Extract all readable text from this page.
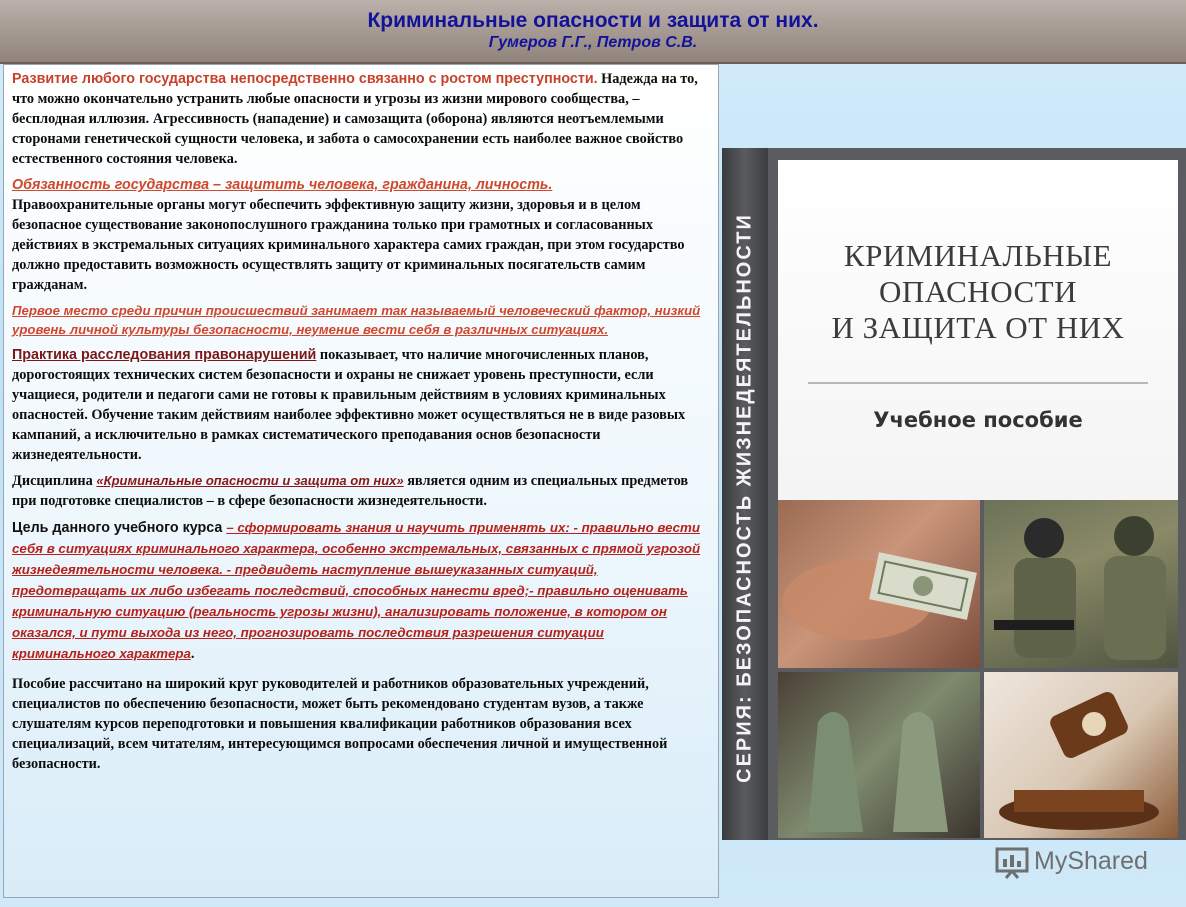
Криминальные опасности и защита от них.
Гумеров Г.Г., Петров С.В.

Развитие любого государства непосредственно связанно с ростом преступности. Надежда на то, что можно окончательно устранить любые опасности и угрозы из жизни мирового сообщества, – бесплодная иллюзия. Агрессивность (нападение) и самозащита (оборона) являются неотъемлемыми сторонами генетической сущности человека, и забота о самосохранении есть наиболее важное свойство естественного состояния человека.

Обязанность государства – защитить человека, гражданина, личность.
Правоохранительные органы могут обеспечить эффективную защиту жизни, здоровья и в целом безопасное существование законопослушного гражданина только при грамотных и согласованных действиях в экстремальных ситуациях криминального характера самих граждан, при этом государство должно предоставить возможность осуществлять защиту от криминальных посягательств самим гражданам.

Первое место среди причин происшествий занимает так называемый человеческий фактор, низкий уровень личной культуры безопасности, неумение вести себя в различных ситуациях.

Практика расследования правонарушений показывает, что наличие многочисленных планов, дорогостоящих технических систем безопасности и охраны не снижает уровень преступности, если учащиеся, родители и педагоги сами не готовы к правильным действиям в условиях криминальных опасностей. Обучение таким действиям наиболее эффективно может осуществляться не в виде разовых кампаний, а исключительно в рамках систематического преподавания основ безопасности жизнедеятельности.

Дисциплина «Криминальные опасности и защита от них» является одним из специальных предметов при подготовке специалистов – в сфере безопасности жизнедеятельности.

Цель данного учебного курса – сформировать знания и научить применять их: - правильно вести себя в ситуациях криминального характера, особенно экстремальных, связанных с прямой угрозой жизнедеятельности человека. - предвидеть наступление вышеуказанных ситуаций, предотвращать их либо избегать последствий, способных нанести вред;- правильно оценивать криминальную ситуацию (реальность угрозы жизни), анализировать положение, в котором он оказался, и пути выхода из него, прогнозировать последствия разрешения ситуации криминального характера.

Пособие рассчитано на широкий круг руководителей и работников образовательных учреждений, специалистов по обеспечению безопасности, может быть рекомендовано студентам вузов, а также слушателям курсов переподготовки и повышения квалификации работников образования всех специализаций, всем читателям, интересующимся вопросами обеспечения личной и имущественной безопасности.	СЕРИЯ: БЕЗОПАСНОСТЬ ЖИЗНЕДЕЯТЕЛЬНОСТИ	КРИМИНАЛЬНЫЕ
ОПАСНОСТИ
И ЗАЩИТА ОТ НИХ
Учебное пособие
MyShared
